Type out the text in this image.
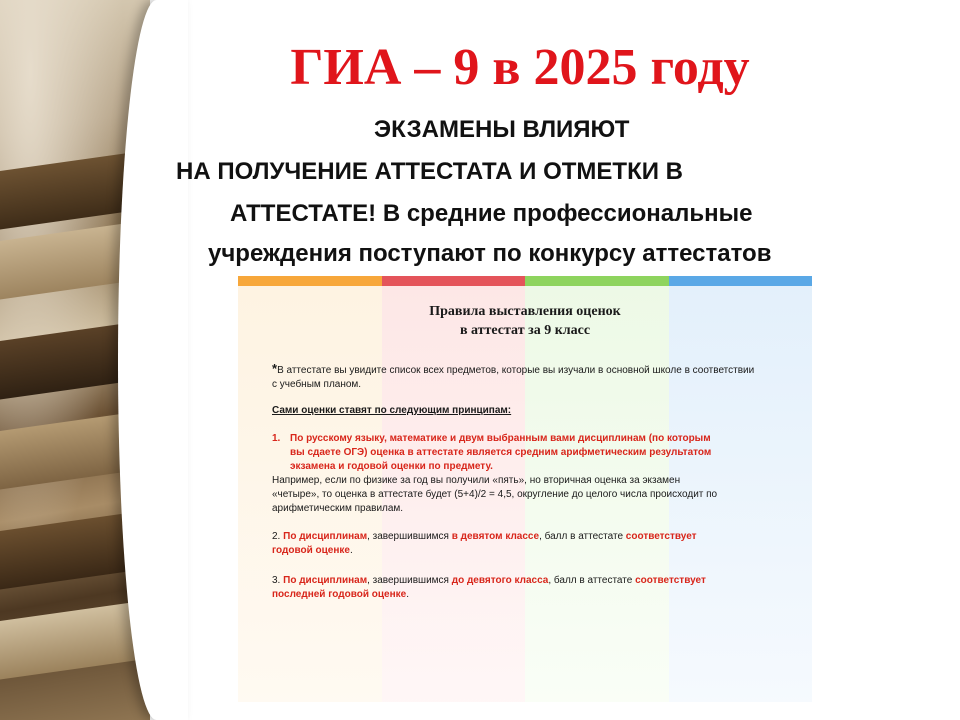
ГИА – 9 в 2025 году

ЭКЗАМЕНЫ ВЛИЯЮТ

НА ПОЛУЧЕНИЕ АТТЕСТАТА И ОТМЕТКИ В

АТТЕСТАТЕ! В средние профессиональные

учреждения поступают по конкурсу аттестатов

Правила выставления оценок
в аттестат за 9 класс

*В аттестате вы увидите список всех предметов, которые вы изучали в основной школе в соответствии
с учебным планом.

Сами оценки ставят по следующим принципам:

1. По русскому языку, математике и двум выбранным вами дисциплинам (по которым
вы сдаете ОГЭ) оценка в аттестате является средним арифметическим результатом
экзамена и годовой оценки по предмету.

Например, если по физике за год вы получили «пять», но вторичная оценка за экзамен
«четыре», то оценка в аттестате будет (5+4)/2 = 4,5, округление до целого числа происходит по
арифметическим правилам.

2. По дисциплинам, завершившимся в девятом классе, балл в аттестате соответствует
годовой оценке.

3. По дисциплинам, завершившимся до девятого класса, балл в аттестате соответствует
последней годовой оценке.
